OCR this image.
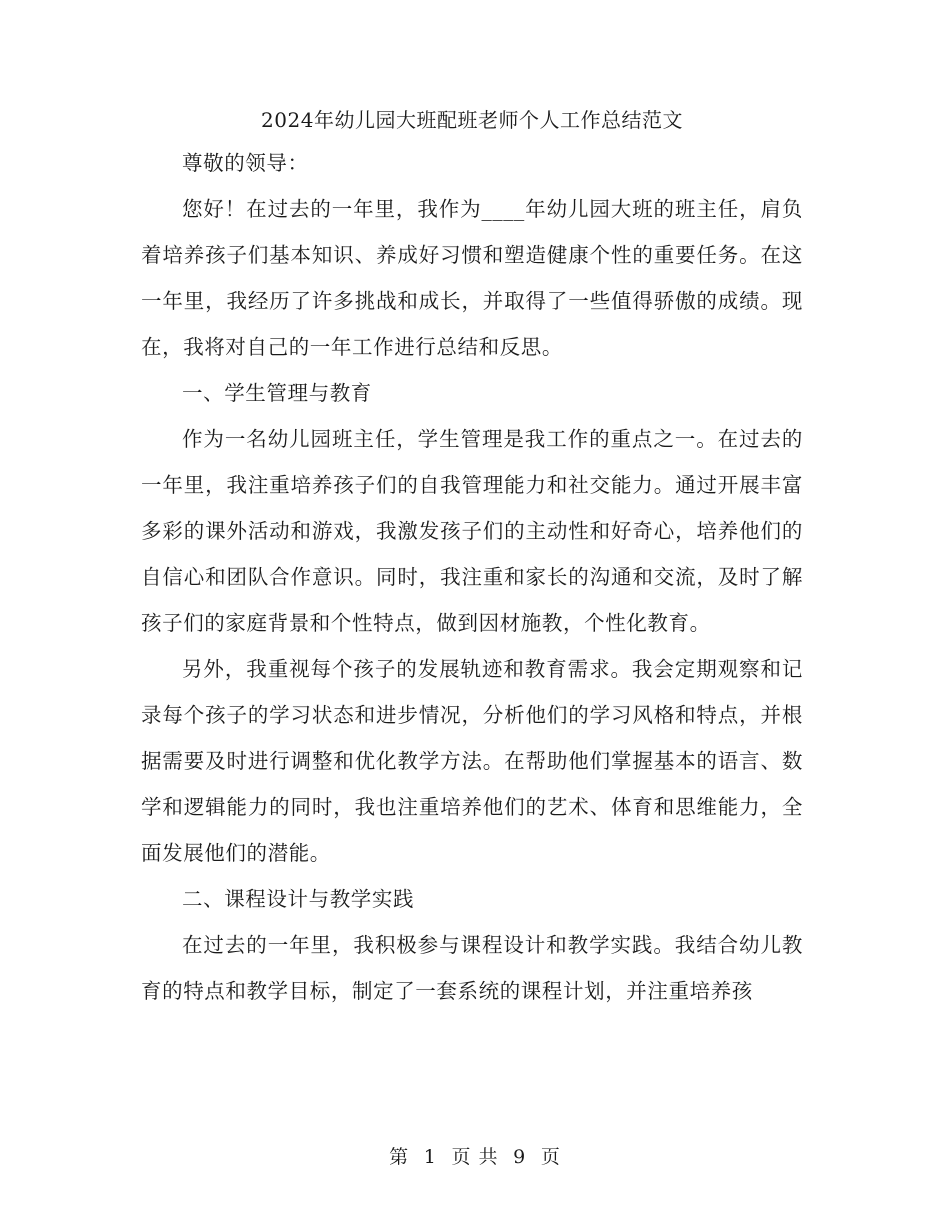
2024年幼儿园大班配班老师个人工作总结范文

尊敬的领导：

您好！在过去的一年里，我作为____年幼儿园大班的班主任，肩负着培养孩子们基本知识、养成好习惯和塑造健康个性的重要任务。在这一年里，我经历了许多挑战和成长，并取得了一些值得骄傲的成绩。现在，我将对自己的一年工作进行总结和反思。

一、学生管理与教育

作为一名幼儿园班主任，学生管理是我工作的重点之一。在过去的一年里，我注重培养孩子们的自我管理能力和社交能力。通过开展丰富多彩的课外活动和游戏，我激发孩子们的主动性和好奇心，培养他们的自信心和团队合作意识。同时，我注重和家长的沟通和交流，及时了解孩子们的家庭背景和个性特点，做到因材施教，个性化教育。

另外，我重视每个孩子的发展轨迹和教育需求。我会定期观察和记录每个孩子的学习状态和进步情况，分析他们的学习风格和特点，并根据需要及时进行调整和优化教学方法。在帮助他们掌握基本的语言、数学和逻辑能力的同时，我也注重培养他们的艺术、体育和思维能力，全面发展他们的潜能。

二、课程设计与教学实践

在过去的一年里，我积极参与课程设计和教学实践。我结合幼儿教育的特点和教学目标，制定了一套系统的课程计划，并注重培养孩

第 1 页 共 9 页
